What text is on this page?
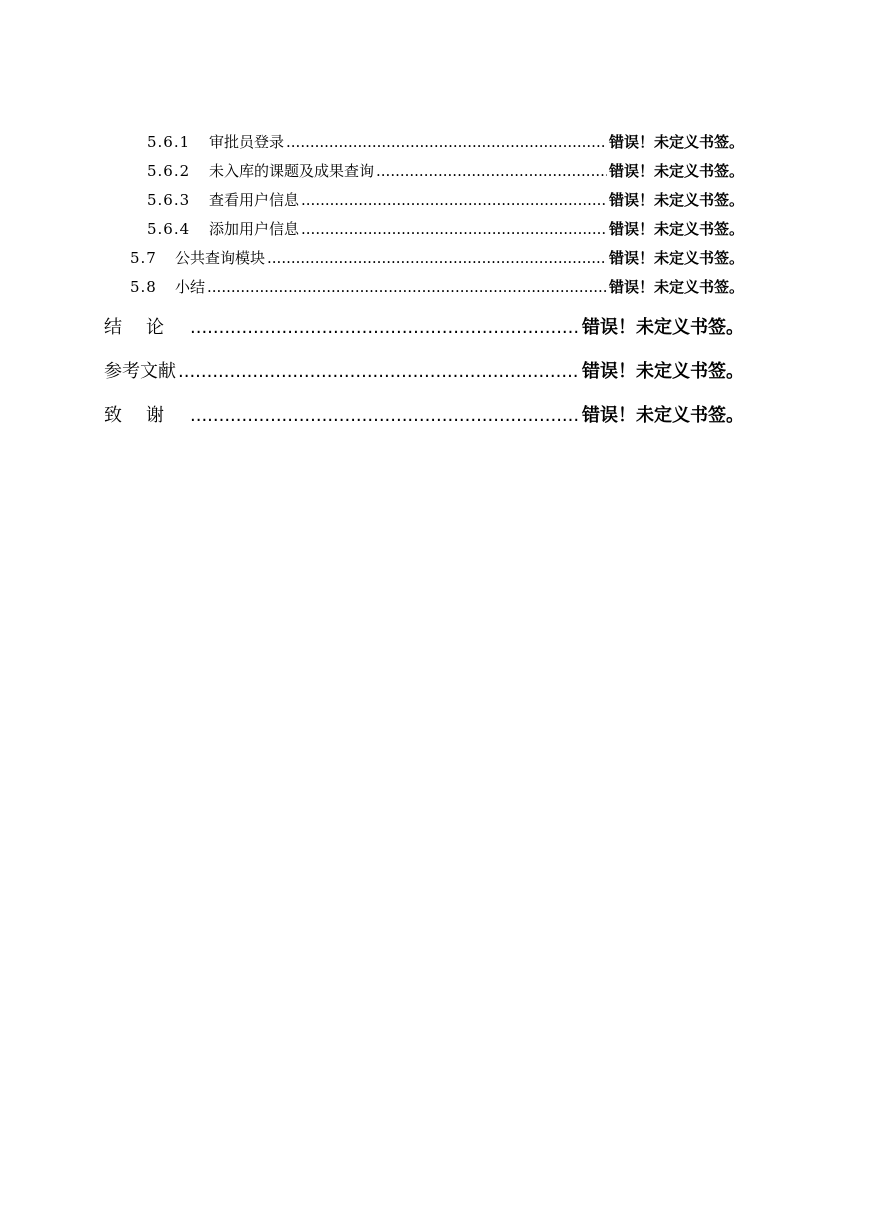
5.6.1	审批员登录 .....	错误！未定义书签。
5.6.2	未入库的课题及成果查询 .....	错误！未定义书签。
5.6.3	查看用户信息 .....	错误！未定义书签。
5.6.4	添加用户信息 .....	错误！未定义书签。
5.7	公共查询模块 .....	错误！未定义书签。
5.8	小结 .....	错误！未定义书签。
结论 .....	错误！未定义书签。
参考文献 .....	错误！未定义书签。
致谢 .....	错误！未定义书签。
